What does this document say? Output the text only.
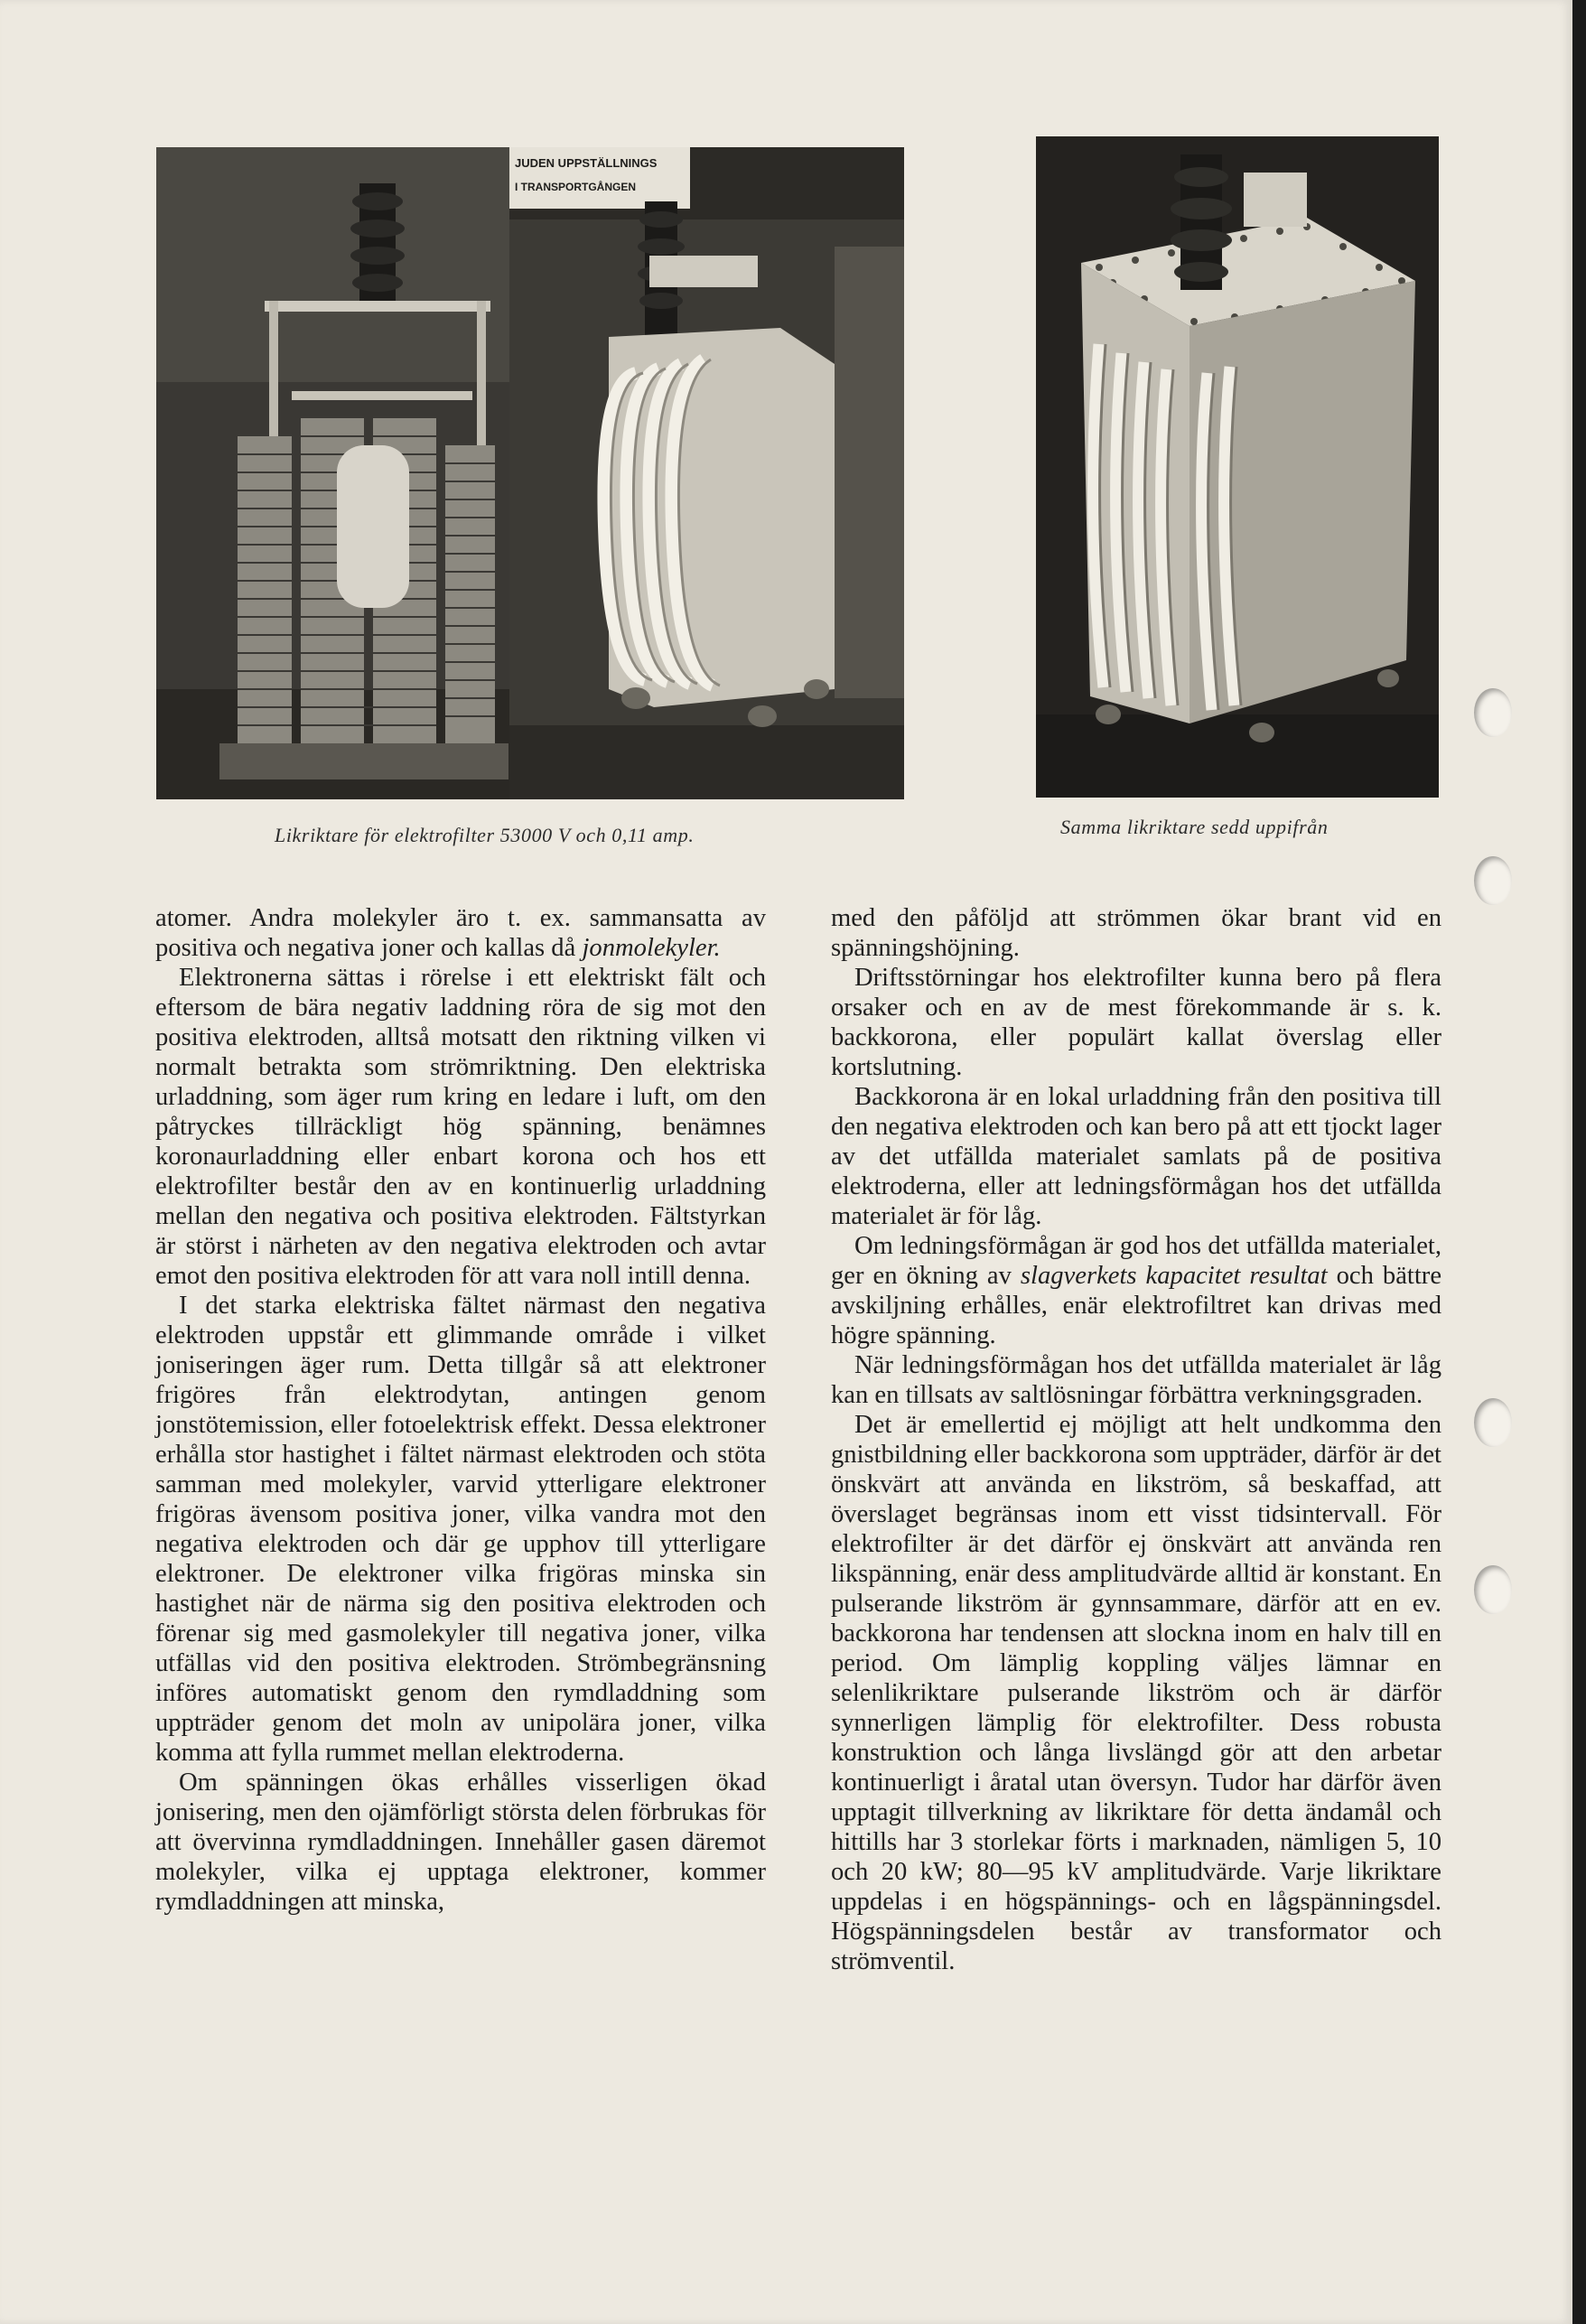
JUDEN UPPSTÄLLNINGS
I TRANSPORTGÅNGEN
Likriktare för elektrofilter 53000 V och 0,11 amp.	Samma likriktare sedd uppifrån

atomer. Andra molekyler äro t. ex. sammansatta av positiva och negativa joner och kallas då jonmolekyler.

Elektronerna sättas i rörelse i ett elektriskt fält och eftersom de bära negativ laddning röra de sig mot den positiva elektroden, alltså motsatt den riktning vilken vi normalt betrakta som strömriktning. Den elektriska urladdning, som äger rum kring en ledare i luft, om den påtryckes tillräckligt hög spänning, benämnes koronaurladdning eller enbart korona och hos ett elektrofilter består den av en kontinuerlig urladdning mellan den negativa och positiva elektroden. Fältstyrkan är störst i närheten av den negativa elektroden och avtar emot den positiva elektroden för att vara noll intill denna.

I det starka elektriska fältet närmast den negativa elektroden uppstår ett glimmande område i vilket joniseringen äger rum. Detta tillgår så att elektroner frigöres från elektrodytan, antingen genom jonstötemission, eller fotoelektrisk effekt. Dessa elektroner erhålla stor hastighet i fältet närmast elektroden och stöta samman med molekyler, varvid ytterligare elektroner frigöras ävensom positiva joner, vilka vandra mot den negativa elektroden och där ge upphov till ytterligare elektroner. De elektroner vilka frigöras minska sin hastighet när de närma sig den positiva elektroden och förenar sig med gasmolekyler till negativa joner, vilka utfällas vid den positiva elektroden. Strömbegränsning införes automatiskt genom den rymdladdning som uppträder genom det moln av unipolära joner, vilka komma att fylla rummet mellan elektroderna.

Om spänningen ökas erhålles visserligen ökad jonisering, men den ojämförligt största delen förbrukas för att övervinna rymdladdningen. Innehåller gasen däremot molekyler, vilka ej upptaga elektroner, kommer rymdladdningen att minska,

med den påföljd att strömmen ökar brant vid en spänningshöjning.

Driftsstörningar hos elektrofilter kunna bero på flera orsaker och en av de mest förekommande är s. k. backkorona, eller populärt kallat överslag eller kortslutning.

Backkorona är en lokal urladdning från den positiva till den negativa elektroden och kan bero på att ett tjockt lager av det utfällda materialet samlats på de positiva elektroderna, eller att ledningsförmågan hos det utfällda materialet är för låg.

Om ledningsförmågan är god hos det utfällda materialet, ger en ökning av slagverkets kapacitet resultat och bättre avskiljning erhålles, enär elektrofiltret kan drivas med högre spänning.

När ledningsförmågan hos det utfällda materialet är låg kan en tillsats av saltlösningar förbättra verkningsgraden.

Det är emellertid ej möjligt att helt undkomma den gnistbildning eller backkorona som uppträder, därför är det önskvärt att använda en likström, så beskaffad, att överslaget begränsas inom ett visst tidsintervall. För elektrofilter är det därför ej önskvärt att använda ren likspänning, enär dess amplitudvärde alltid är konstant. En pulserande likström är gynnsammare, därför att en ev. backkorona har tendensen att slockna inom en halv till en period. Om lämplig koppling väljes lämnar en selenlikriktare pulserande likström och är därför synnerligen lämplig för elektrofilter. Dess robusta konstruktion och långa livslängd gör att den arbetar kontinuerligt i åratal utan översyn. Tudor har därför även upptagit tillverkning av likriktare för detta ändamål och hittills har 3 storlekar förts i marknaden, nämligen 5, 10 och 20 kW; 80—95 kV amplitudvärde. Varje likriktare uppdelas i en högspännings- och en lågspänningsdel. Högspänningsdelen består av transformator och strömventil.
